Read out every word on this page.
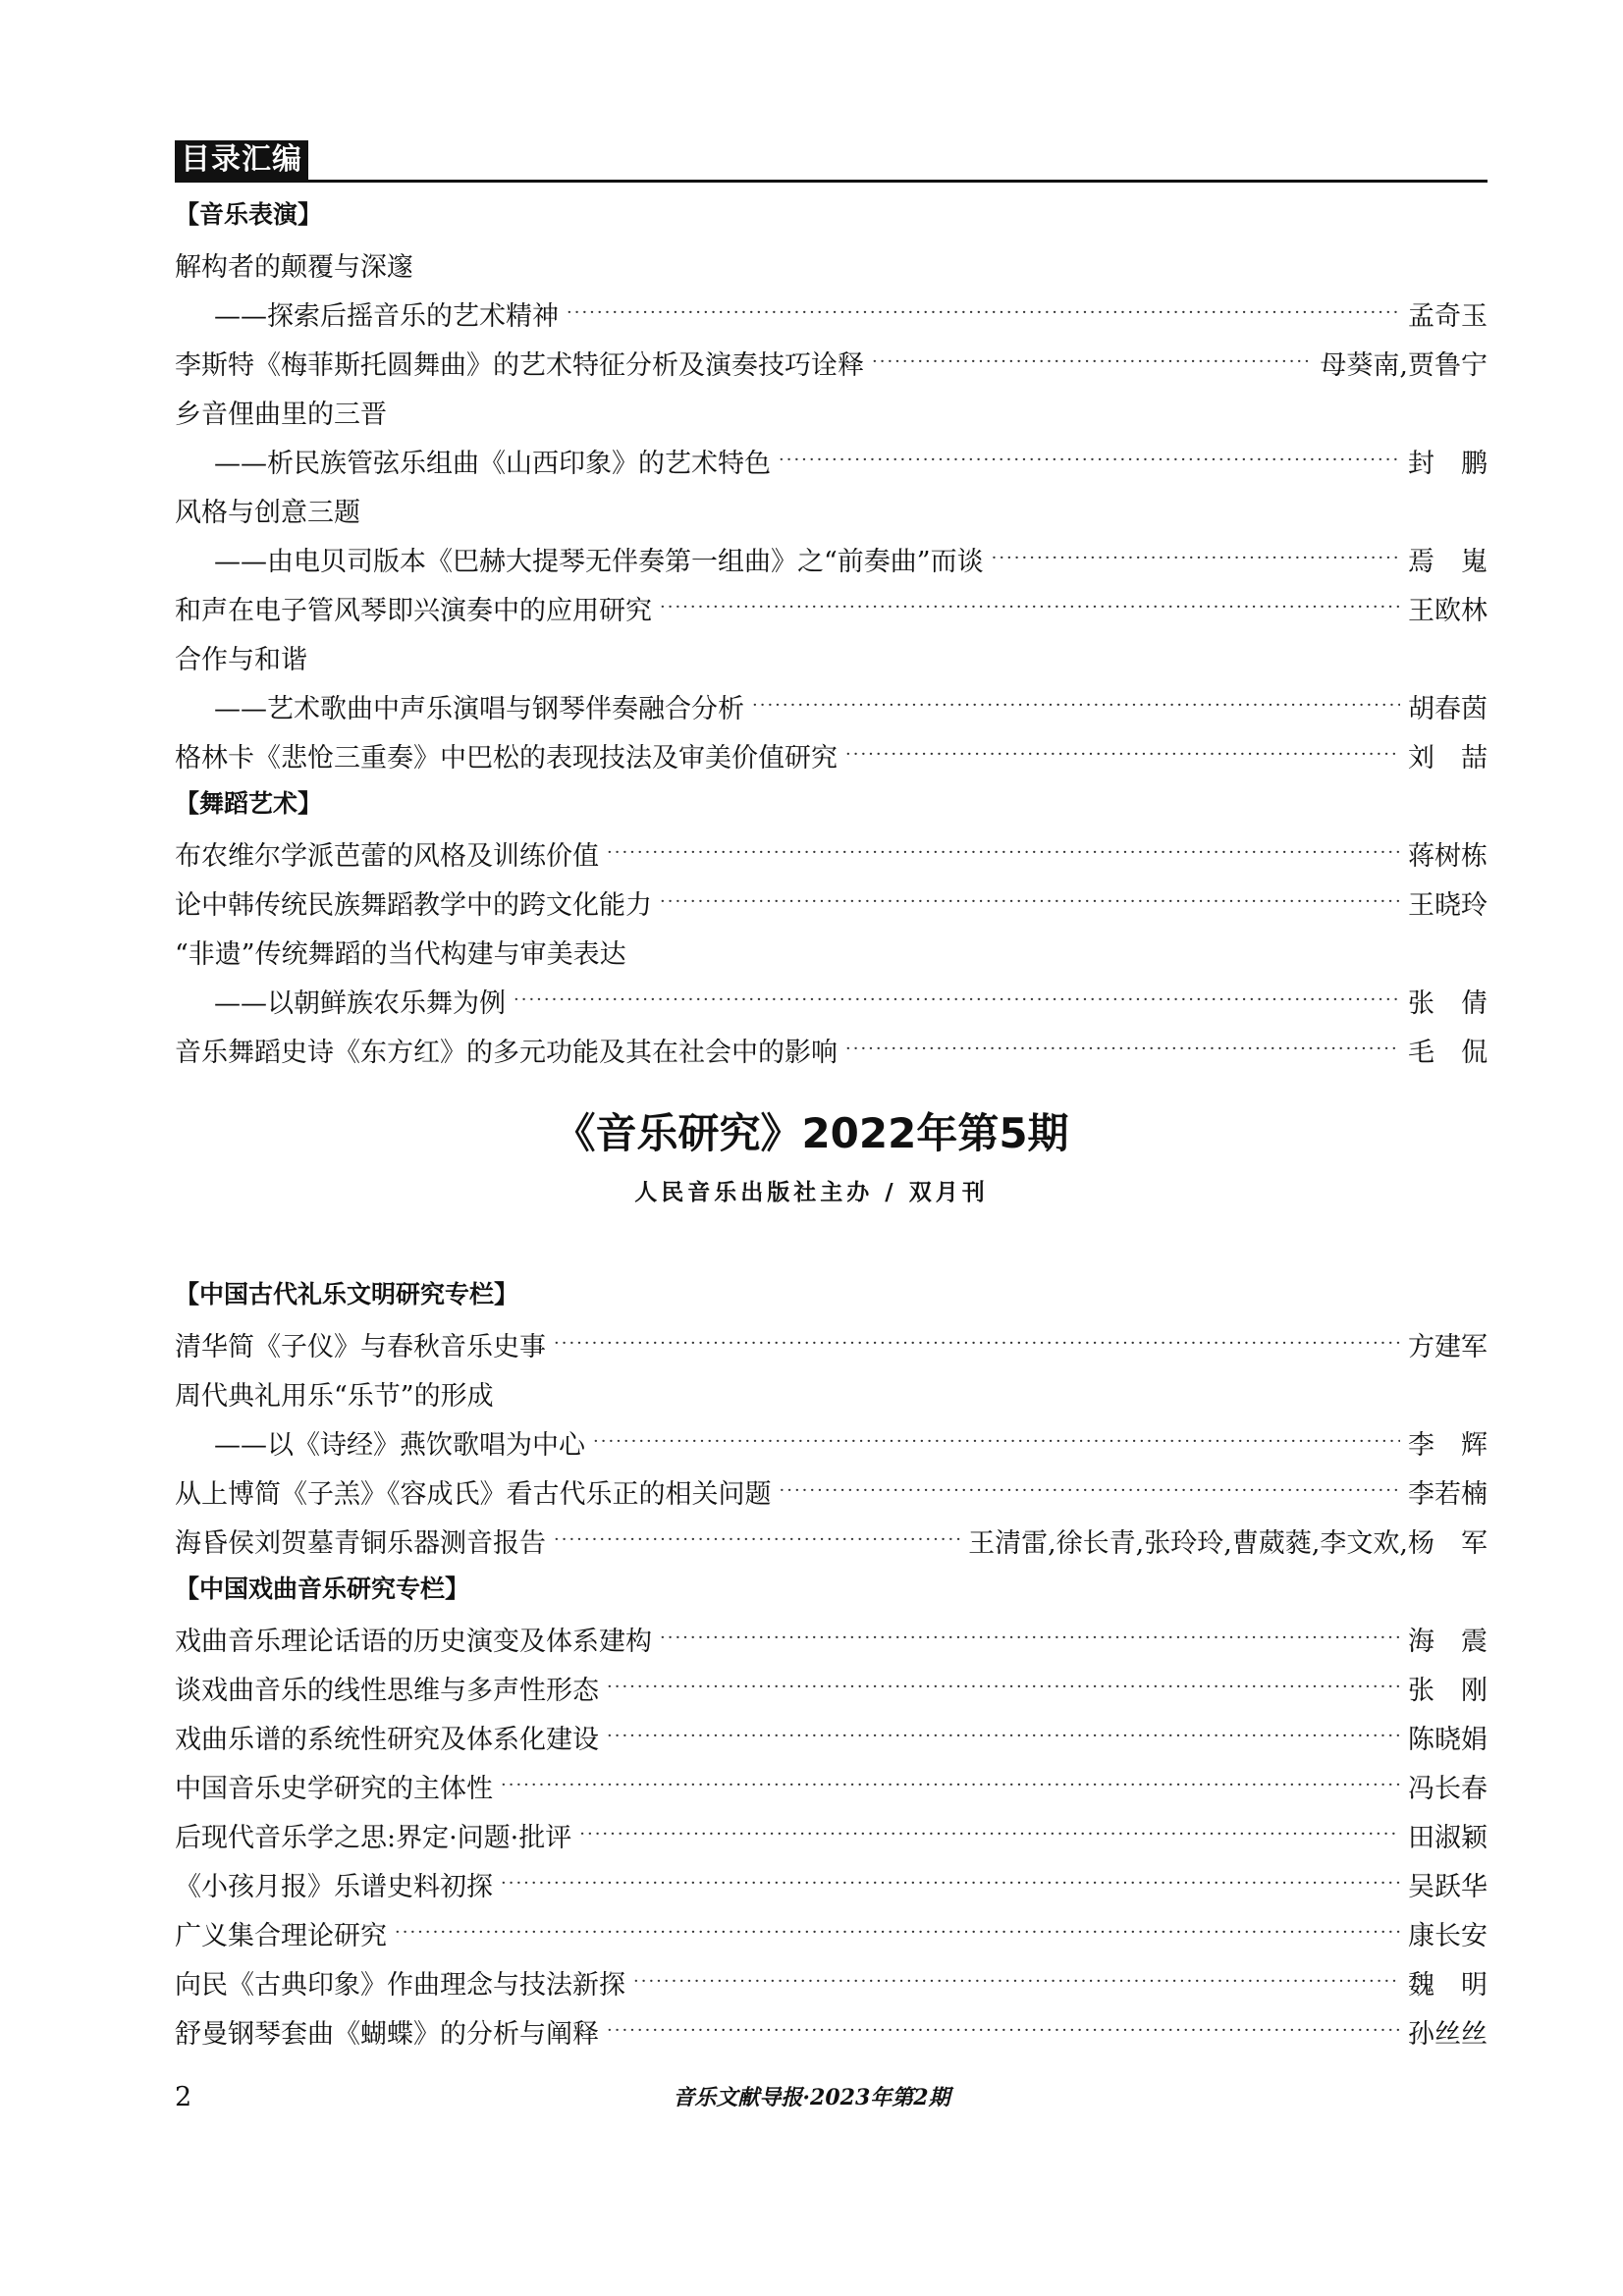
目录汇编
【音乐表演】
解构者的颠覆与深邃
——探索后摇音乐的艺术精神 ·····	孟奇玉
李斯特《梅菲斯托圆舞曲》的艺术特征分析及演奏技巧诠释 ·····	母葵南,贾鲁宁
乡音俚曲里的三晋
——析民族管弦乐组曲《山西印象》的艺术特色 ·····	封　鹏
风格与创意三题
——由电贝司版本《巴赫大提琴无伴奏第一组曲》之“前奏曲”而谈 ·····	焉　嵬
和声在电子管风琴即兴演奏中的应用研究 ·····	王欧林
合作与和谐
——艺术歌曲中声乐演唱与钢琴伴奏融合分析 ·····	胡春茵
格林卡《悲怆三重奏》中巴松的表现技法及审美价值研究 ·····	刘　喆
【舞蹈艺术】
布农维尔学派芭蕾的风格及训练价值 ·····	蒋树栋
论中韩传统民族舞蹈教学中的跨文化能力 ·····	王晓玲
“非遗”传统舞蹈的当代构建与审美表达
——以朝鲜族农乐舞为例 ·····	张　倩
音乐舞蹈史诗《东方红》的多元功能及其在社会中的影响 ·····	毛　侃
《音乐研究》2022年第5期
人民音乐出版社主办 / 双月刊
【中国古代礼乐文明研究专栏】
清华简《子仪》与春秋音乐史事 ·····	方建军
周代典礼用乐“乐节”的形成
——以《诗经》燕饮歌唱为中心 ·····	李　辉
从上博简《子羔》《容成氏》看古代乐正的相关问题 ·····	李若楠
海昏侯刘贺墓青铜乐器测音报告 ·····	王清雷,徐长青,张玲玲,曹葳蕤,李文欢,杨　军
【中国戏曲音乐研究专栏】
戏曲音乐理论话语的历史演变及体系建构 ·····	海　震
谈戏曲音乐的线性思维与多声性形态 ·····	张　刚
戏曲乐谱的系统性研究及体系化建设 ·····	陈晓娟
中国音乐史学研究的主体性 ·····	冯长春
后现代音乐学之思:界定·问题·批评 ·····	田淑颖
《小孩月报》乐谱史料初探 ·····	吴跃华
广义集合理论研究 ·····	康长安
向民《古典印象》作曲理念与技法新探 ·····	魏　明
舒曼钢琴套曲《蝴蝶》的分析与阐释 ·····	孙丝丝
2	音乐文献导报·2023年第2期
